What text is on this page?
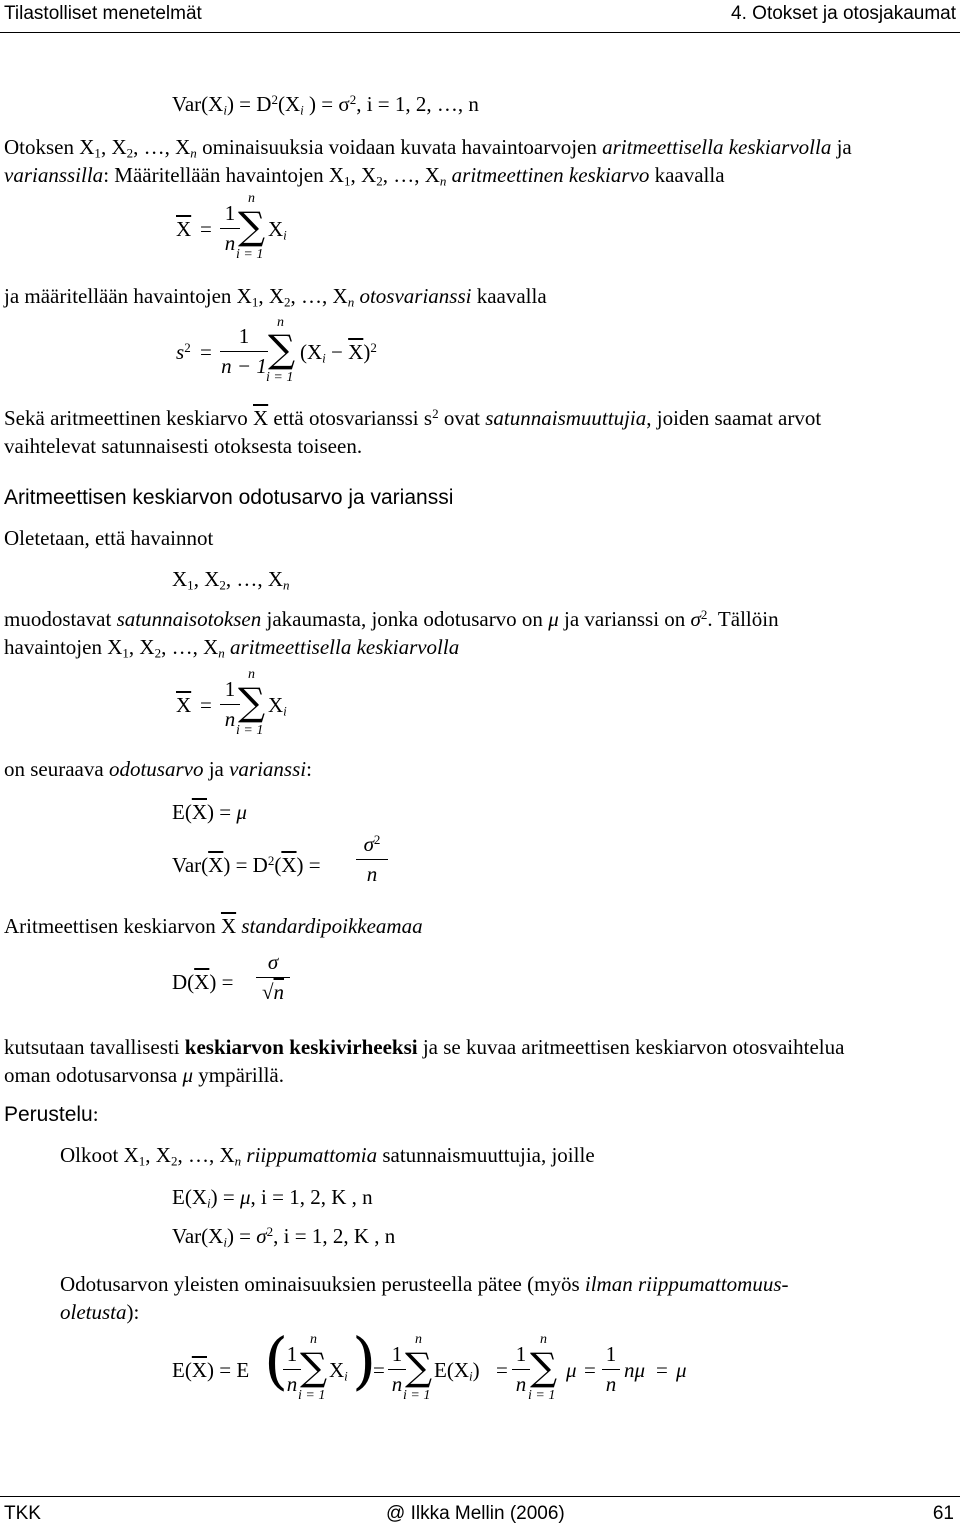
Tilastolliset menetelmät	4. Otokset ja otosjakaumat
$Var(X_i) = D^2(X_i$ ) = $\sigma^2$, i = 1, 2, …, n
Otoksen $X_1$, $X_2$, …, $X_n$ ominaisuuksia voidaan kuvata havaintoarvojen aritmeettisella keskiarvolla ja
varianssilla: Määritellään havaintojen $X_1$, $X_2$, …, $X_n$ aritmeettinen keskiarvo kaavalla
$\overline{X}$ =
1
n
n
∑
i = 1
$X_i$
ja määritellään havaintojen $X_1$, $X_2$, …, $X_n$ otosvarianssi kaavalla
$s^2$ =
1
n − 1
n
∑
i = 1
$(X_i - \overline{X})^2$
Sekä aritmeettinen keskiarvo $\overline{X}$ että otosvarianssi $s^2$ ovat satunnaismuuttujia, joiden saamat arvot
vaihtelevat satunnaisesti otoksesta toiseen.
Aritmeettisen keskiarvon odotusarvo ja varianssi
Oletetaan, että havainnot
$X_1$, $X_2$, …, $X_n$
muodostavat satunnaisotoksen jakaumasta, jonka odotusarvo on μ ja varianssi on $\sigma^2$. Tällöin
havaintojen $X_1$, $X_2$, …, $X_n$ aritmeettisella keskiarvolla
$\overline{X}$ =
1
n
n
∑
i = 1
$X_i$
on seuraava odotusarvo ja varianssi:
$E(\overline{X}) = \mu$
$Var(\overline{X}) = D^2(\overline{X})$ =
$\sigma^2$
n
Aritmeettisen keskiarvon $\overline{X}$ standardipoikkeamaa
$D(\overline{X})$ =
σ
√n
kutsutaan tavallisesti keskiarvon keskivirheeksi ja se kuvaa aritmeettisen keskiarvon otosvaihtelua
oman odotusarvonsa μ ympärillä.
Perustelu:
Olkoot $X_1$, $X_2$, …, $X_n$ riippumattomia satunnaismuuttujia, joille
$E(X_i) = \mu$, i = 1, 2, K , n
$Var(X_i) = \sigma^2$, i = 1, 2, K , n
Odotusarvon yleisten ominaisuuksien perusteella pätee (myös ilman riippumattomuus-
oletusta):
$E(\overline{X}) = E$ (
1
n
n
∑
i = 1
$X_i$ )
=
1
n
n
∑
i = 1
$E(X_i)$ =
1
n
n
∑
i = 1
μ =
1
n
nμ = μ
TKK	@ Ilkka Mellin (2006)	61
